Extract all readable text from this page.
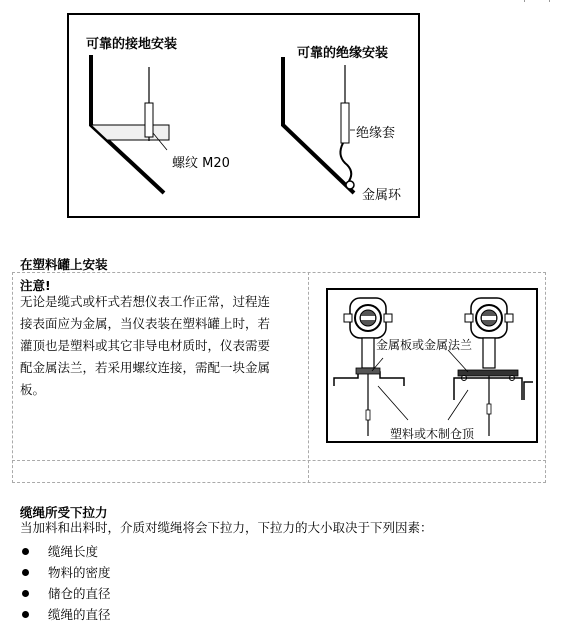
可靠的接地安装
可靠的绝缘安装
螺纹 M20
绝缘套
金属环
在塑料罐上安装
注意!
无论是缆式或杆式若想仪表工作正常，过程连
接表面应为金属，当仪表装在塑料罐上时，若
灌顶也是塑料或其它非导电材质时，仪表需要
配金属法兰，若采用螺纹连接，需配一块金属
板。
金属板或金属法兰
塑料或木制仓顶
缆绳所受下拉力
当加料和出料时，介质对缆绳将会下拉力，下拉力的大小取决于下列因素：
缆绳长度
物料的密度
储仓的直径
缆绳的直径
